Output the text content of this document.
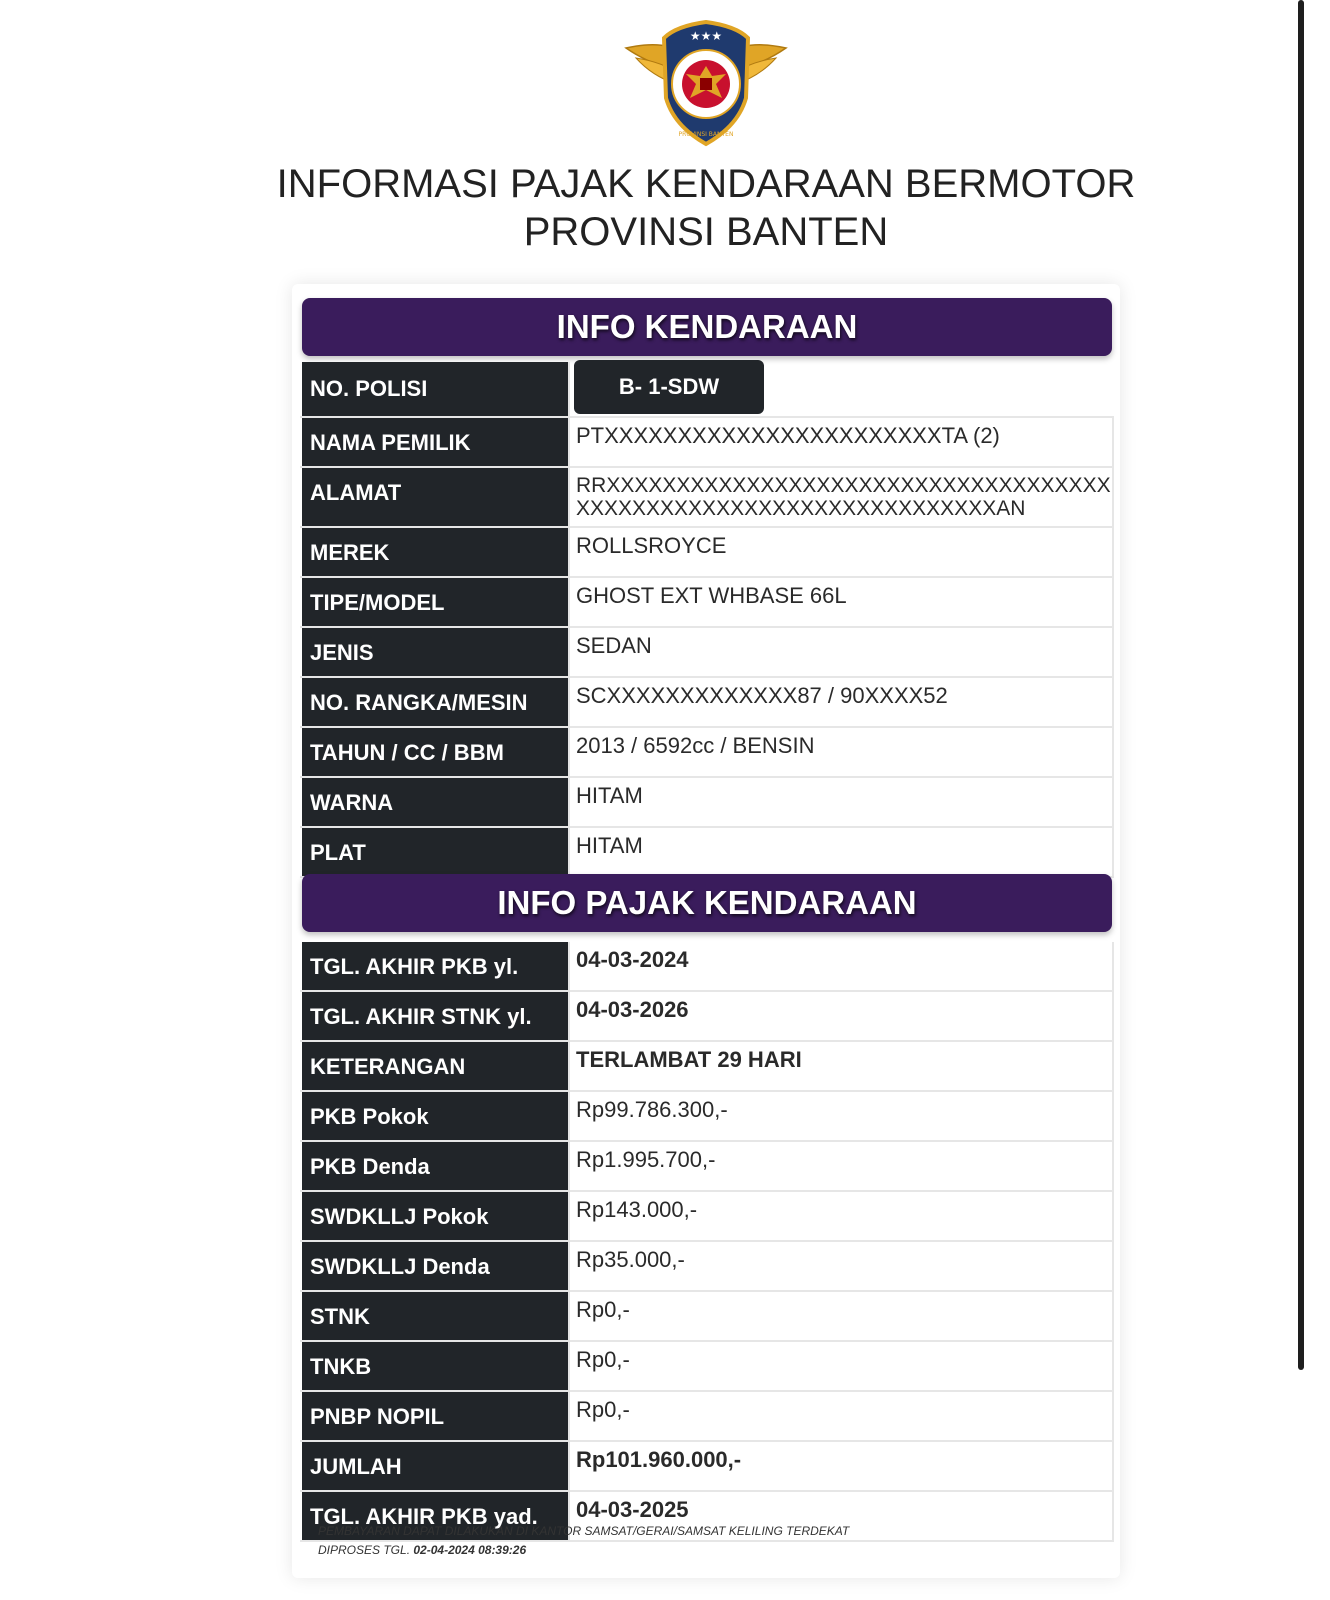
★★★
PROVINSI BANTEN
INFORMASI PAJAK KENDARAAN BERMOTOR
PROVINSI BANTEN
INFO KENDARAAN
NO. POLISI	B- 1-SDW
NAMA PEMILIK	PTXXXXXXXXXXXXXXXXXXXXXXXTA (2)
ALAMAT	RRXXXXXXXXXXXXXXXXXXXXXXXXXXXXXXXXXXXXXXXXXXXXXXXXXXXXXXXXXXXXXXXXXXAN
MEREK	ROLLSROYCE
TIPE/MODEL	GHOST EXT WHBASE 66L
JENIS	SEDAN
NO. RANGKA/MESIN	SCXXXXXXXXXXXXX87 / 90XXXX52
TAHUN / CC / BBM	2013 / 6592cc / BENSIN
WARNA	HITAM
PLAT	HITAM
INFO PAJAK KENDARAAN
TGL. AKHIR PKB yl.	04-03-2024
TGL. AKHIR STNK yl.	04-03-2026
KETERANGAN	TERLAMBAT 29 HARI
PKB Pokok	Rp99.786.300,-
PKB Denda	Rp1.995.700,-
SWDKLLJ Pokok	Rp143.000,-
SWDKLLJ Denda	Rp35.000,-
STNK	Rp0,-
TNKB	Rp0,-
PNBP NOPIL	Rp0,-
JUMLAH	Rp101.960.000,-
TGL. AKHIR PKB yad.	04-03-2025
PEMBAYARAN DAPAT DILAKUKAN DI KANTOR SAMSAT/GERAI/SAMSAT KELILING TERDEKAT
DIPROSES TGL. 02-04-2024 08:39:26
